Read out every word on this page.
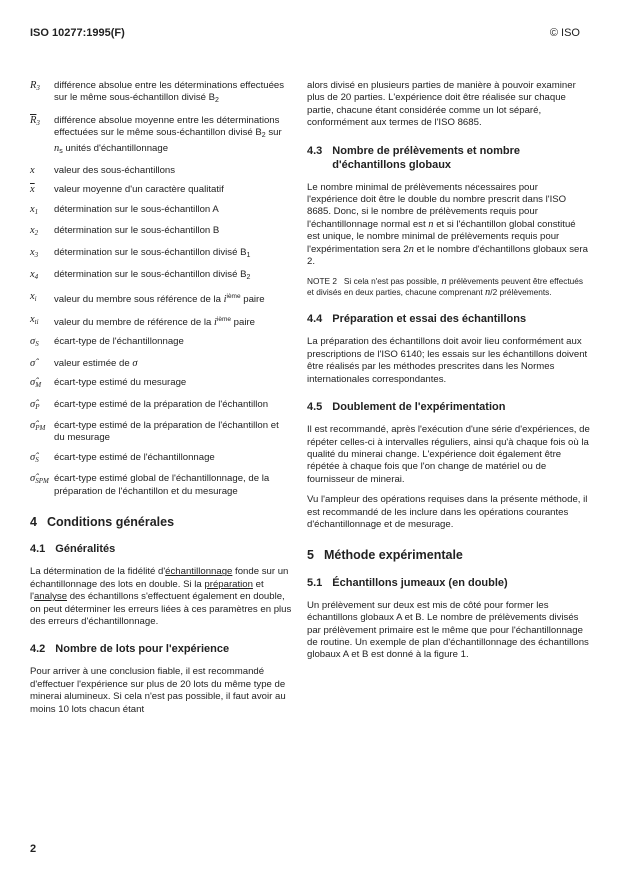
ISO 10277:1995(F)	© ISO
$R_3$	différence absolue entre les déterminations effectuées sur le même sous-échantillon divisé $B_2$
$\overline{R}_3$	différence absolue moyenne entre les déterminations effectuées sur le même sous-échantillon divisé $B_2$ sur $n_s$ unités d'échantillonnage
x	valeur des sous-échantillons
$\overline{x}$	valeur moyenne d'un caractère qualitatif
$x_1$	détermination sur le sous-échantillon A
$x_2$	détermination sur le sous-échantillon B
$x_3$	détermination sur le sous-échantillon divisé $B_1$
$x_4$	détermination sur le sous-échantillon divisé $B_2$
$x_i$	valeur du membre sous référence de la $i^{ième}$ paire
$x_{ti}$	valeur du membre de référence de la $i^{ième}$ paire
$\sigma_S$	écart-type de l'échantillonnage
σ̂	valeur estimée de σ
$\sigmâ_M$	écart-type estimé du mesurage
$\sigmâ_P$	écart-type estimé de la préparation de l'échantillon
$\sigmâ_{PM}$ écart-type estimé de la préparation de l'échantillon et du mesurage
$\sigmâ_S$	écart-type estimé de l'échantillonnage
$\sigmâ_{SPM}$ écart-type estimé global de l'échantillonnage, de la préparation de l'échantillon et du mesurage
4 Conditions générales
4.1 Généralités

La détermination de la fidélité d'échantillonnage fonde sur un échantillonnage des lots en double. Si la préparation et l'analyse des échantillons s'effectuent également en double, on peut déterminer les erreurs liées à ces paramètres en plus des erreurs d'échantillonnage.

4.2 Nombre de lots pour l'expérience

Pour arriver à une conclusion fiable, il est recommandé d'effectuer l'expérience sur plus de 20 lots du même type de minerai alumineux. Si cela n'est pas possible, il faut avoir au moins 10 lots chacun étant

alors divisé en plusieurs parties de manière à pouvoir examiner plus de 20 parties. L'expérience doit être réalisée sur chaque partie, chacune étant considérée comme un lot séparé, conformément aux termes de l'ISO 8685.

4.3 Nombre de prélèvements et nombre d'échantillons globaux

Le nombre minimal de prélèvements nécessaires pour l'expérience doit être le double du nombre prescrit dans l'ISO 8685. Donc, si le nombre de prélèvements requis pour l'échantillonnage normal est n et si l'échantillon global constitué est unique, le nombre minimal de prélèvements requis pour l'expérimentation sera 2n et le nombre d'échantillons globaux sera 2.

NOTE 2   Si cela n'est pas possible, n prélèvements peuvent être effectués et divisés en deux parties, chacune comprenant n/2 prélèvements.

4.4 Préparation et essai des échantillons

La préparation des échantillons doit avoir lieu conformément aux prescriptions de l'ISO 6140; les essais sur les échantillons doivent être réalisés par les méthodes prescrites dans les Normes internationales correspondantes.

4.5 Doublement de l'expérimentation

Il est recommandé, après l'exécution d'une série d'expériences, de répéter celles-ci à intervalles réguliers, ainsi qu'à chaque fois où la qualité du minerai change. L'expérience doit également être répétée à chaque fois que l'on change de matériel ou de fournisseur de minerai.

Vu l'ampleur des opérations requises dans la présente méthode, il est recommandé de les inclure dans les opérations courantes d'échantillonnage et de mesurage.

5 Méthode expérimentale
5.1 Échantillons jumeaux (en double)

Un prélèvement sur deux est mis de côté pour former les échantillons globaux A et B. Le nombre de prélèvements divisés par prélèvement primaire est le même que pour l'échantillonnage de routine. Un exemple de plan d'échantillonnage des échantillons globaux A et B est donné à la figure 1.

2
